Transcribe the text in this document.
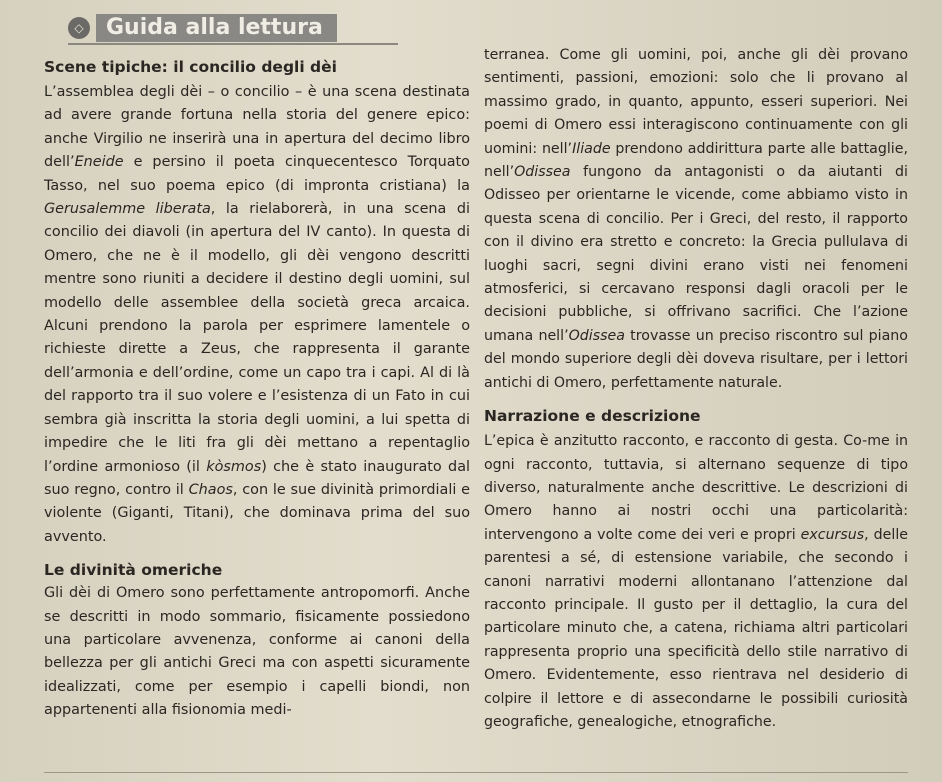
◇	Guida alla lettura
Scene tipiche: il concilio degli dèi

L’assemblea degli dèi – o concilio – è una scena destinata ad avere grande fortuna nella storia del genere epico: anche Virgilio ne inserirà una in apertura del decimo libro dell’Eneide e persino il poeta cinquecentesco Torquato Tasso, nel suo poema epico (di impronta cristiana) la Gerusalemme liberata, la rielaborerà, in una scena di concilio dei diavoli (in apertura del IV canto). In questa di Omero, che ne è il modello, gli dèi vengono descritti mentre sono riuniti a decidere il destino degli uomini, sul modello delle assemblee della società greca arcaica. Alcuni prendono la parola per esprimere lamentele o richieste dirette a Zeus, che rappresenta il garante dell’armonia e dell’ordine, come un capo tra i capi. Al di là del rapporto tra il suo volere e l’esistenza di un Fato in cui sembra già inscritta la storia degli uomini, a lui spetta di impedire che le liti fra gli dèi mettano a repentaglio l’ordine armonioso (il kòsmos) che è stato inaugurato dal suo regno, contro il Chaos, con le sue divinità primordiali e violente (Giganti, Titani), che dominava prima del suo avvento.

Le divinità omeriche

Gli dèi di Omero sono perfettamente antropomorfi. Anche se descritti in modo sommario, fisicamente possiedono una particolare avvenenza, conforme ai canoni della bellezza per gli antichi Greci ma con aspetti sicuramente idealizzati, come per esempio i capelli biondi, non appartenenti alla fisionomia medi-

terranea. Come gli uomini, poi, anche gli dèi provano sentimenti, passioni, emozioni: solo che li provano al massimo grado, in quanto, appunto, esseri superiori. Nei poemi di Omero essi interagiscono continuamente con gli uomini: nell’Iliade prendono addirittura parte alle battaglie, nell’Odissea fungono da antagonisti o da aiutanti di Odisseo per orientarne le vicende, come abbiamo visto in questa scena di concilio. Per i Greci, del resto, il rapporto con il divino era stretto e concreto: la Grecia pullulava di luoghi sacri, segni divini erano visti nei fenomeni atmosferici, si cercavano responsi dagli oracoli per le decisioni pubbliche, si offrivano sacrifici. Che l’azione umana nell’Odissea trovasse un preciso riscontro sul piano del mondo superiore degli dèi doveva risultare, per i lettori antichi di Omero, perfettamente naturale.

Narrazione e descrizione

L’epica è anzitutto racconto, e racconto di gesta. Co-me in ogni racconto, tuttavia, si alternano sequenze di tipo diverso, naturalmente anche descrittive. Le descrizioni di Omero hanno ai nostri occhi una particolarità: intervengono a volte come dei veri e propri excursus, delle parentesi a sé, di estensione variabile, che secondo i canoni narrativi moderni allontanano l’attenzione dal racconto principale. Il gusto per il dettaglio, la cura del particolare minuto che, a catena, richiama altri particolari rappresenta proprio una specificità dello stile narrativo di Omero. Evidentemente, esso rientrava nel desiderio di colpire il lettore e di assecondarne le possibili curiosità geografiche, genealogiche, etnografiche.
